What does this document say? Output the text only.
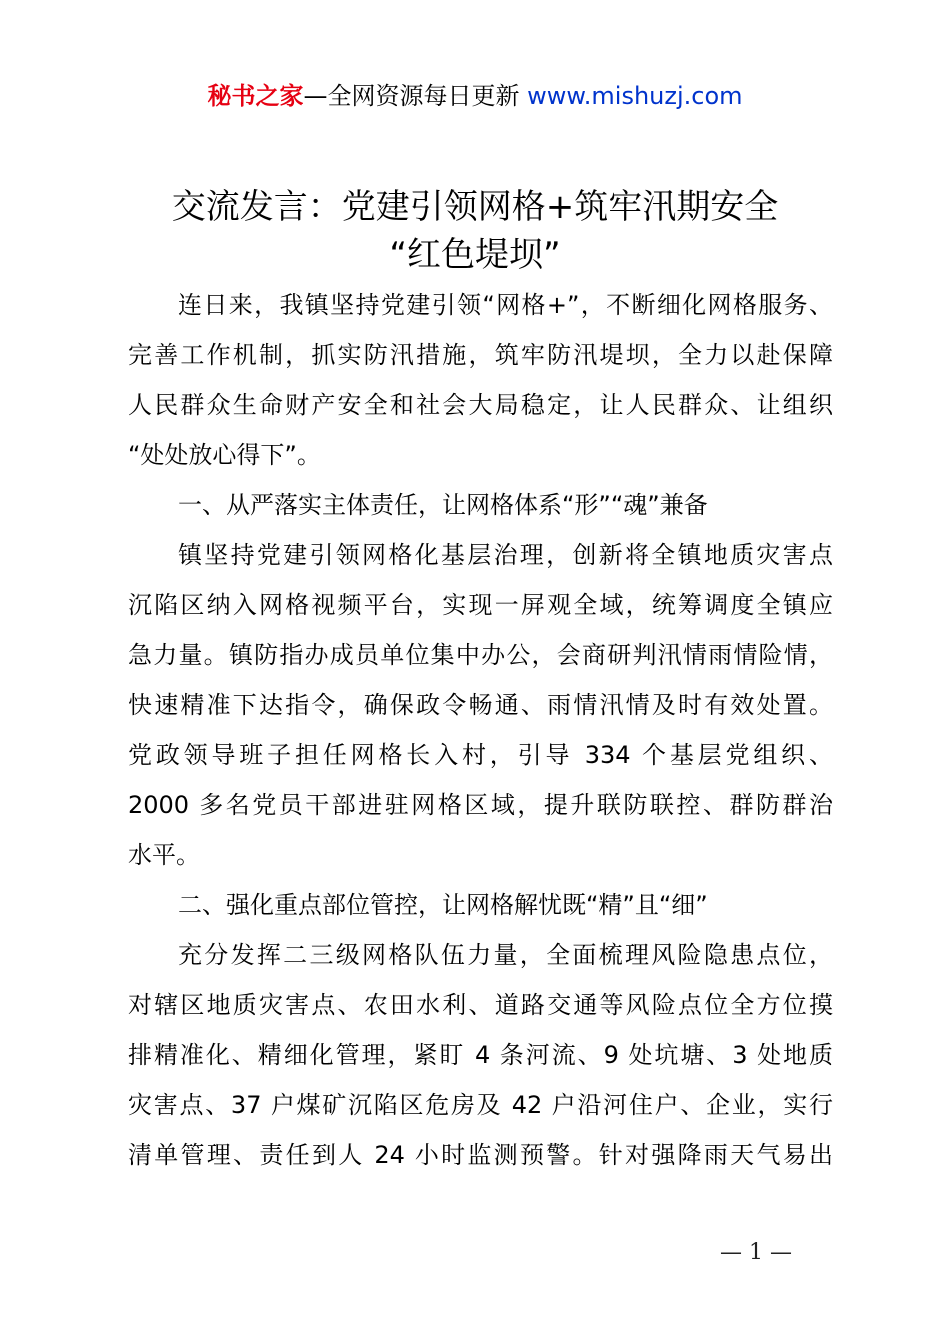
秘书之家—全网资源每日更新 www.mishuzj.com
交流发言：党建引领网格+筑牢汛期安全
“红色堤坝”
连日来，我镇坚持党建引领“网格+”，不断细化网格服务、
完善工作机制，抓实防汛措施，筑牢防汛堤坝，全力以赴保障
人民群众生命财产安全和社会大局稳定，让人民群众、让组织
“处处放心得下”。
一、从严落实主体责任，让网格体系“形”“魂”兼备
镇坚持党建引领网格化基层治理，创新将全镇地质灾害点
沉陷区纳入网格视频平台，实现一屏观全域，统筹调度全镇应
急力量。镇防指办成员单位集中办公，会商研判汛情雨情险情，
快速精准下达指令，确保政令畅通、雨情汛情及时有效处置。
党政领导班子担任网格长入村，引导 334 个基层党组织、
2000 多名党员干部进驻网格区域，提升联防联控、群防群治
水平。
二、强化重点部位管控，让网格解忧既“精”且“细”
充分发挥二三级网格队伍力量，全面梳理风险隐患点位，
对辖区地质灾害点、农田水利、道路交通等风险点位全方位摸
排精准化、精细化管理，紧盯 4 条河流、9 处坑塘、3 处地质
灾害点、37 户煤矿沉陷区危房及 42 户沿河住户、企业，实行
清单管理、责任到人 24 小时监测预警。针对强降雨天气易出
— 1 —
